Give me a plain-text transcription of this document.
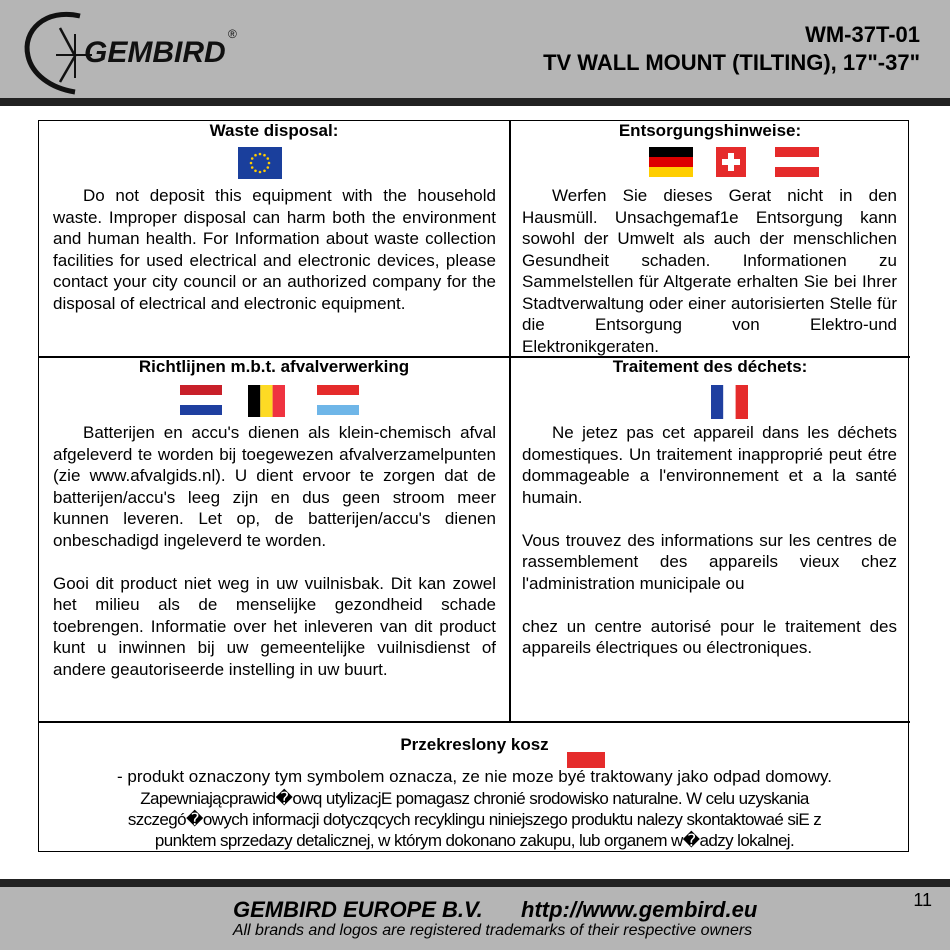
GEMBIRD
®	WM-37T-01
TV WALL MOUNT (TILTING), 17"-37"
Waste disposal:

Do not deposit this equipment with the household waste. Improper disposal can harm both the environment and human health. For Information about waste collection facilities for used electrical and electronic devices, please contact your city council or an authorized company for the disposal of electrical and electronic equipment.

Entsorgungshinweise:

Werfen Sie dieses Gerat nicht in den Hausmüll. Unsachgemaf1e Entsorgung kann sowohl der Umwelt als auch der menschlichen Gesundheit schaden. Informationen zu Sammelstellen für Altgerate erhalten Sie bei Ihrer Stadtverwaltung oder einer autorisierten Stelle für die Entsorgung von Elektro-und Elektronikgeraten.

Richtlijnen m.b.t. afvalverwerking

Batterijen en accu's dienen als klein-chemisch afval afgeleverd te worden bij toegewezen afvalverzamelpunten (zie www.afvalgids.nl). U dient ervoor te zorgen dat de batterijen/accu's leeg zijn en dus geen stroom meer kunnen leveren. Let op, de batterijen/accu's dienen onbeschadigd ingeleverd te worden.

Gooi dit product niet weg in uw vuilnisbak. Dit kan zowel het milieu als de menselijke gezondheid schade toebrengen. Informatie over het inleveren van dit product kunt u inwinnen bij uw gemeentelijke vuilnisdienst of andere geautoriseerde instelling in uw buurt.

Traitement des déchets:

Ne jetez pas cet appareil dans les déchets domestiques. Un traitement inapproprié peut étre dommageable a l'environnement et a la santé humain.

Vous trouvez des informations sur les centres de rassemblement des appareils vieux chez l'administration municipale ou

chez un centre autorisé pour le traitement des appareils électriques ou électroniques.

Przekreslony kosz
- produkt oznaczony tym symbolem oznacza, ze nie moze byé traktowany jako odpad domowy.
Zapewniającprawid�owq utylizacjE pomagasz chronié srodowisko naturalne. W celu uzyskania
szczegó�owych informacji dotyczqcych recyklingu niniejszego produktu nalezy skontaktowaé siE z
punktem sprzedazy detalicznej, w którym dokonano zakupu, lub organem w�adzy lokalnej.
GEMBIRD EUROPE B.V. http://www.gembird.eu
All brands and logos are registered trademarks of their respective owners
11
